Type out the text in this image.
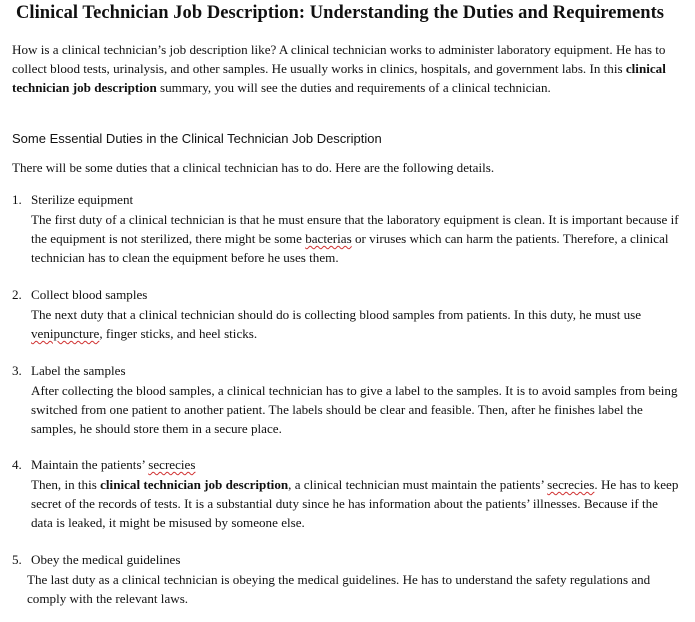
Clinical Technician Job Description: Understanding the Duties and Requirements

How is a clinical technician’s job description like? A clinical technician works to administer laboratory equipment. He has to collect blood tests, urinalysis, and other samples. He usually works in clinics, hospitals, and government labs. In this clinical technician job description summary, you will see the duties and requirements of a clinical technician.

Some Essential Duties in the Clinical Technician Job Description

There will be some duties that a clinical technician has to do. Here are the following details.

1. Sterilize equipment
The first duty of a clinical technician is that he must ensure that the laboratory equipment is clean. It is important because if the equipment is not sterilized, there might be some bacterias or viruses which can harm the patients. Therefore, a clinical technician has to clean the equipment before he uses them.
2. Collect blood samples
The next duty that a clinical technician should do is collecting blood samples from patients. In this duty, he must use venipuncture, finger sticks, and heel sticks.
3. Label the samples
After collecting the blood samples, a clinical technician has to give a label to the samples. It is to avoid samples from being switched from one patient to another patient. The labels should be clear and feasible. Then, after he finishes label the samples, he should store them in a secure place.
4. Maintain the patients’ secrecies
Then, in this clinical technician job description, a clinical technician must maintain the patients’ secrecies. He has to keep secret of the records of tests. It is a substantial duty since he has information about the patients’ illnesses. Because if the data is leaked, it might be misused by someone else.
5. Obey the medical guidelines
The last duty as a clinical technician is obeying the medical guidelines. He has to understand the safety regulations and comply with the relevant laws.
